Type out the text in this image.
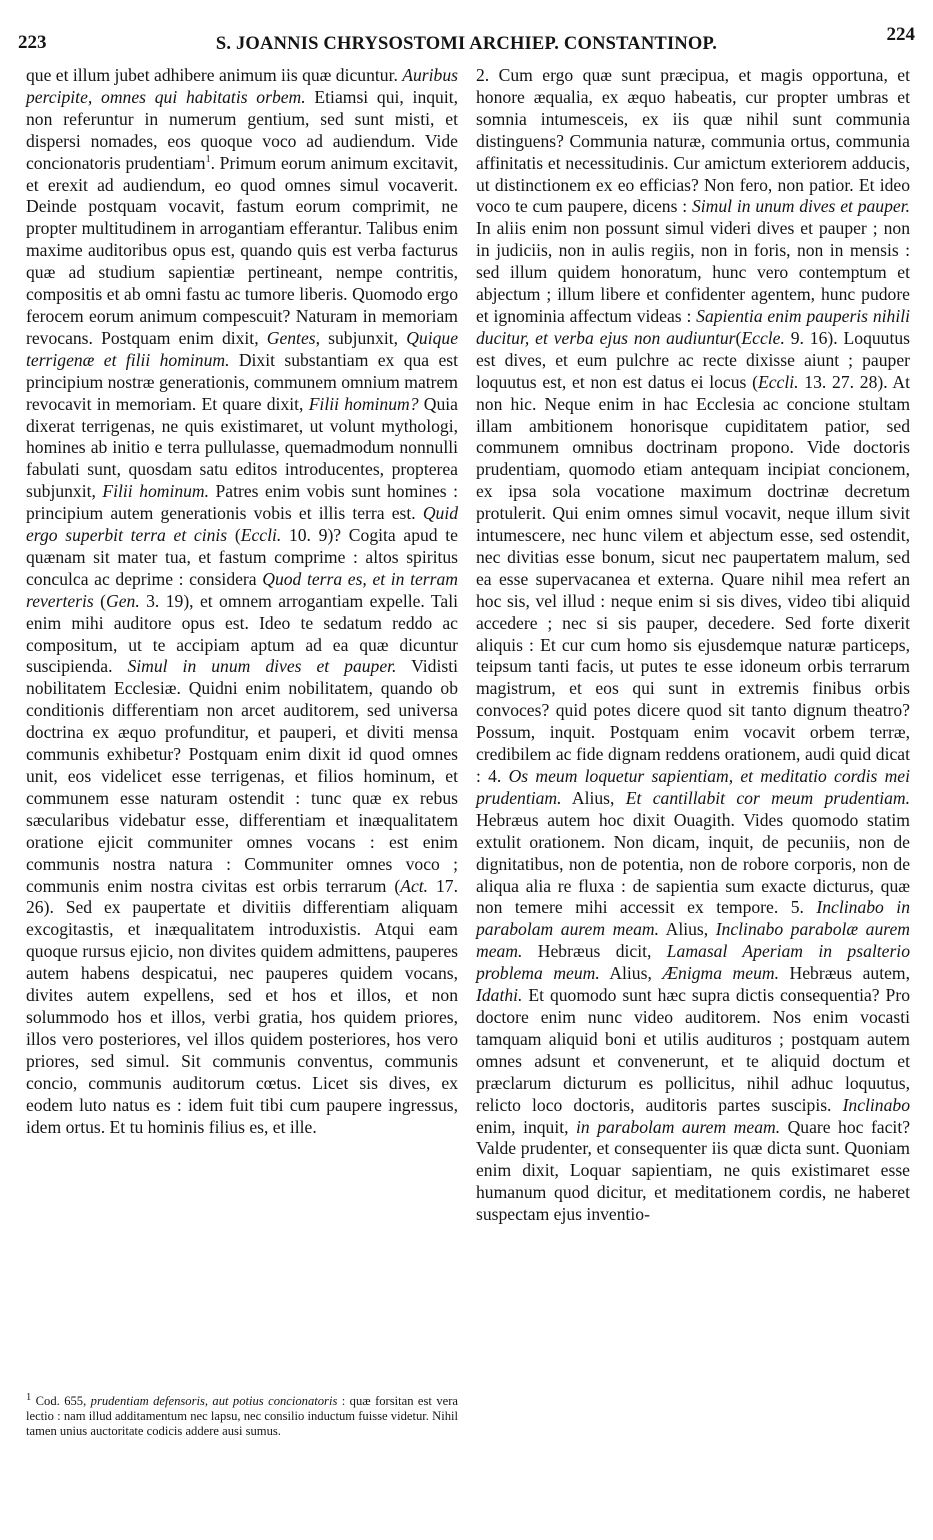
223	S. JOANNIS CHRYSOSTOMI ARCHIEP. CONSTANTINOP.	224

que et illum jubet adhibere animum iis quæ dicuntur. Auribus percipite, omnes qui habitatis orbem. Etiamsi qui, inquit, non referuntur in numerum gentium, sed sunt misti, et dispersi nomades, eos quoque voco ad audiendum. Vide concionatoris prudentiam$^1$. Primum eorum animum excitavit, et erexit ad audiendum, eo quod omnes simul vocaverit. Deinde postquam vocavit, fastum eorum comprimit, ne propter multitudinem in arrogantiam efferantur. Talibus enim maxime auditoribus opus est, quando quis est verba facturus quæ ad studium sapientiæ pertineant, nempe contritis, compositis et ab omni fastu ac tumore liberis. Quomodo ergo ferocem eorum animum compescuit? Naturam in memoriam revocans. Postquam enim dixit, Gentes, subjunxit, Quique terrigenæ et filii hominum. Dixit substantiam ex qua est principium nostræ generationis, communem omnium matrem revocavit in memoriam. Et quare dixit, Filii hominum? Quia dixerat terrigenas, ne quis existimaret, ut volunt mythologi, homines ab initio e terra pullulasse, quemadmodum nonnulli fabulati sunt, quosdam satu editos introducentes, propterea subjunxit, Filii hominum. Patres enim vobis sunt homines : principium autem generationis vobis et illis terra est. Quid ergo superbit terra et cinis (Eccli. 10. 9)? Cogita apud te quænam sit mater tua, et fastum comprime : altos spiritus conculca ac deprime : considera Quod terra es, et in terram reverteris (Gen. 3. 19), et omnem arrogantiam expelle. Tali enim mihi auditore opus est. Ideo te sedatum reddo ac compositum, ut te accipiam aptum ad ea quæ dicuntur suscipienda. Simul in unum dives et pauper. Vidisti nobilitatem Ecclesiæ. Quidni enim nobilitatem, quando ob conditionis differentiam non arcet auditorem, sed universa doctrina ex æquo profunditur, et pauperi, et diviti mensa communis exhibetur? Postquam enim dixit id quod omnes unit, eos videlicet esse terrigenas, et filios hominum, et communem esse naturam ostendit : tunc quæ ex rebus sæcularibus videbatur esse, differentiam et inæqualitatem oratione ejicit communiter omnes vocans : est enim communis nostra natura : Communiter omnes voco ; communis enim nostra civitas est orbis terrarum (Act. 17. 26). Sed ex paupertate et divitiis differentiam aliquam excogitastis, et inæqualitatem introduxistis. Atqui eam quoque rursus ejicio, non divites quidem admittens, pauperes autem habens despicatui, nec pauperes quidem vocans, divites autem expellens, sed et hos et illos, et non solummodo hos et illos, verbi gratia, hos quidem priores, illos vero posteriores, vel illos quidem posteriores, hos vero priores, sed simul. Sit communis conventus, communis concio, communis auditorum cœtus. Licet sis dives, ex eodem luto natus es : idem fuit tibi cum paupere ingressus, idem ortus. Et tu hominis filius es, et ille.

2. Cum ergo quæ sunt præcipua, et magis opportuna, et honore æqualia, ex æquo habeatis, cur propter umbras et somnia intumesceis, ex iis quæ nihil sunt communia distinguens? Communia naturæ, communia ortus, communia affinitatis et necessitudinis. Cur amictum exteriorem adducis, ut distinctionem ex eo efficias? Non fero, non patior. Et ideo voco te cum paupere, dicens : Simul in unum dives et pauper. In aliis enim non possunt simul videri dives et pauper ; non in judiciis, non in aulis regiis, non in foris, non in mensis : sed illum quidem honoratum, hunc vero contemptum et abjectum ; illum libere et confidenter agentem, hunc pudore et ignominia affectum videas : Sapientia enim pauperis nihili ducitur, et verba ejus non audiuntur(Eccle. 9. 16). Loquutus est dives, et eum pulchre ac recte dixisse aiunt ; pauper loquutus est, et non est datus ei locus (Eccli. 13. 27. 28). At non hic. Neque enim in hac Ecclesia ac concione stultam illam ambitionem honorisque cupiditatem patior, sed communem omnibus doctrinam propono. Vide doctoris prudentiam, quomodo etiam antequam incipiat concionem, ex ipsa sola vocatione maximum doctrinæ decretum protulerit. Qui enim omnes simul vocavit, neque illum sivit intumescere, nec hunc vilem et abjectum esse, sed ostendit, nec divitias esse bonum, sicut nec paupertatem malum, sed ea esse supervacanea et externa. Quare nihil mea refert an hoc sis, vel illud : neque enim si sis dives, video tibi aliquid accedere ; nec si sis pauper, decedere. Sed forte dixerit aliquis : Et cur cum homo sis ejusdemque naturæ particeps, teipsum tanti facis, ut putes te esse idoneum orbis terrarum magistrum, et eos qui sunt in extremis finibus orbis convoces? quid potes dicere quod sit tanto dignum theatro? Possum, inquit. Postquam enim vocavit orbem terræ, credibilem ac fide dignam reddens orationem, audi quid dicat : 4. Os meum loquetur sapientiam, et meditatio cordis mei prudentiam. Alius, Et cantillabit cor meum prudentiam. Hebræus autem hoc dixit Ouagith. Vides quomodo statim extulit orationem. Non dicam, inquit, de pecuniis, non de dignitatibus, non de potentia, non de robore corporis, non de aliqua alia re fluxa : de sapientia sum exacte dicturus, quæ non temere mihi accessit ex tempore. 5. Inclinabo in parabolam aurem meam. Alius, Inclinabo parabolæ aurem meam. Hebræus dicit, Lamasal Aperiam in psalterio problema meum. Alius, Ænigma meum. Hebræus autem, Idathi. Et quomodo sunt hæc supra dictis consequentia? Pro doctore enim nunc video auditorem. Nos enim vocasti tamquam aliquid boni et utilis audituros ; postquam autem omnes adsunt et convenerunt, et te aliquid doctum et præclarum dicturum es pollicitus, nihil adhuc loquutus, relicto loco doctoris, auditoris partes suscipis. Inclinabo enim, inquit, in parabolam aurem meam. Quare hoc facit? Valde prudenter, et consequenter iis quæ dicta sunt. Quoniam enim dixit, Loquar sapientiam, ne quis existimaret esse humanum quod dicitur, et meditationem cordis, ne haberet suspectam ejus inventio-

$^1$ Cod. 655, prudentiam defensoris, aut potius concionatoris : quæ forsitan est vera lectio : nam illud additamentum nec lapsu, nec consilio inductum fuisse videtur. Nihil tamen unius auctoritate codicis addere ausi sumus.
